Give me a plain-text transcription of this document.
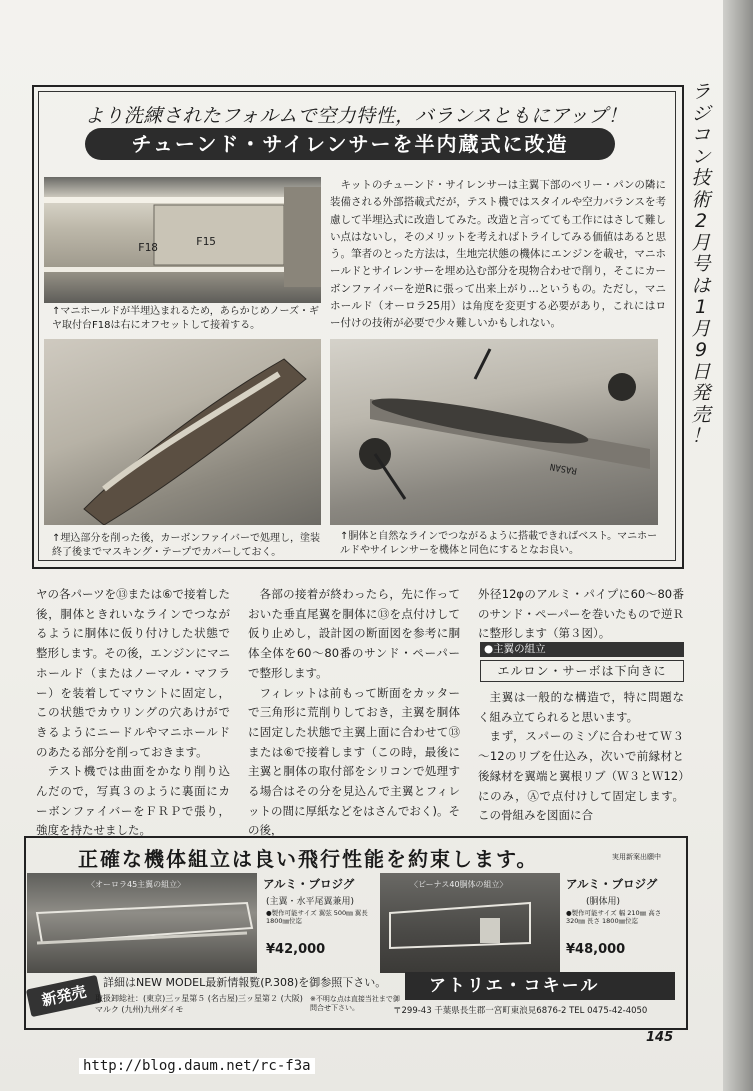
より洗練されたフォルムで空力特性，バランスともにアップ！
チューンド・サイレンサーを半内蔵式に改造
F18	F15
↑マニホールドが半埋込まれるため，あらかじめノーズ・ギヤ取付台F18は右にオフセットして接着する。
キットのチューンド・サイレンサーは主翼下部のベリー・パンの隣に装備される外部搭載式だが，テスト機ではスタイルや空力バランスを考慮して半埋込式に改造してみた。改造と言ってても工作にはさして難しい点はないし，そのメリットを考えればトライしてみる価値はあると思う。筆者のとった方法は，生地完状態の機体にエンジンを載せ，マニホールドとサイレンサーを埋め込む部分を現物合わせで削り，そこにカーボンファイバーを逆Rに張って出来上がり…というもの。ただし，マニホールド（オーロラ25用）は角度を変更する必要があり，これにはロー付けの技術が必要で少々難しいかもしれない。
↑埋込部分を削った後，カーボンファイバーで処理し，塗装終了後までマスキング・テープでカバーしておく。
RASAN
↑胴体と自然なラインでつながるように搭載できればベスト。マニホールドやサイレンサーを機体と同色にするとなお良い。
ラ
ジ
コ
ン
技
術
2
月
号
は
1
月
9
日
発
売
！

ヤの各パーツを⑬または⑥で接着した後，胴体ときれいなラインでつながるように胴体に仮り付けした状態で整形します。その後，エンジンにマニホールド（またはノーマル・マフラー）を装着してマウントに固定し，この状態でカウリングの穴あけができるようにニードルやマニホールドのあたる部分を削っておきます。

テスト機では曲面をかなり削り込んだので，写真３のように裏面にカーボンファイバーをＦＲＰで張り，強度を持たせました。

各部の接着が終わったら，先に作っておいた垂直尾翼を胴体に⑬を点付けして仮り止めし，設計図の断面図を参考に胴体全体を60～80番のサンド・ペーパーで整形します。

フィレットは前もって断面をカッターで三角形に荒削りしておき，主翼を胴体に固定した状態で主翼上面に合わせて⑬または⑥で接着します（この時，最後に主翼と胴体の取付部をシリコンで処理する場合はその分を見込んで主翼とフィレットの間に厚紙などをはさんでおく)。その後，

外径12φのアルミ・パイプに60～80番のサンド・ペーパーを巻いたもので逆Ｒに整形します（第３図）。

●主翼の組立
エルロン・サーボは下向きに

主翼は一般的な構造で，特に問題なく組み立てられると思います。

まず，スパーのミゾに合わせてＷ３～12のリブを仕込み，次いで前縁材と後縁材を翼端と翼根リブ（Ｗ３とＷ12）にのみ，Ⓐで点付けして固定します。この骨組みを図面に合

正確な機体組立は良い飛行性能を約束します。	実用新案出願中
〈オーロラ45主翼の組立〉	〈ビーナス40胴体の組立〉
アルミ・ブロジグ
(主翼・水平尾翼兼用)
●製作可能サイズ 翼弦 500㎜ 翼長 1800㎜位迄
¥42,000
アルミ・ブロジグ
(胴体用)
●製作可能サイズ 幅 210㎜ 高さ 320㎜ 長さ 1800㎜位迄
¥48,000
新発売
詳細はNEW MODEL最新情報覧(P.308)を御参照下さい。
取扱卸総社：(東京)三ッ星第５ (名古屋)三ッ星第２ (大阪)マルク (九州)九州ダイモ
※不明な点は直接当社まで御問合せ下さい。
アトリエ・コキール
〒299-43 千葉県長生郡一宮町東浪見6876-2 TEL 0475-42-4050
145
http://blog.daum.net/rc-f3a
